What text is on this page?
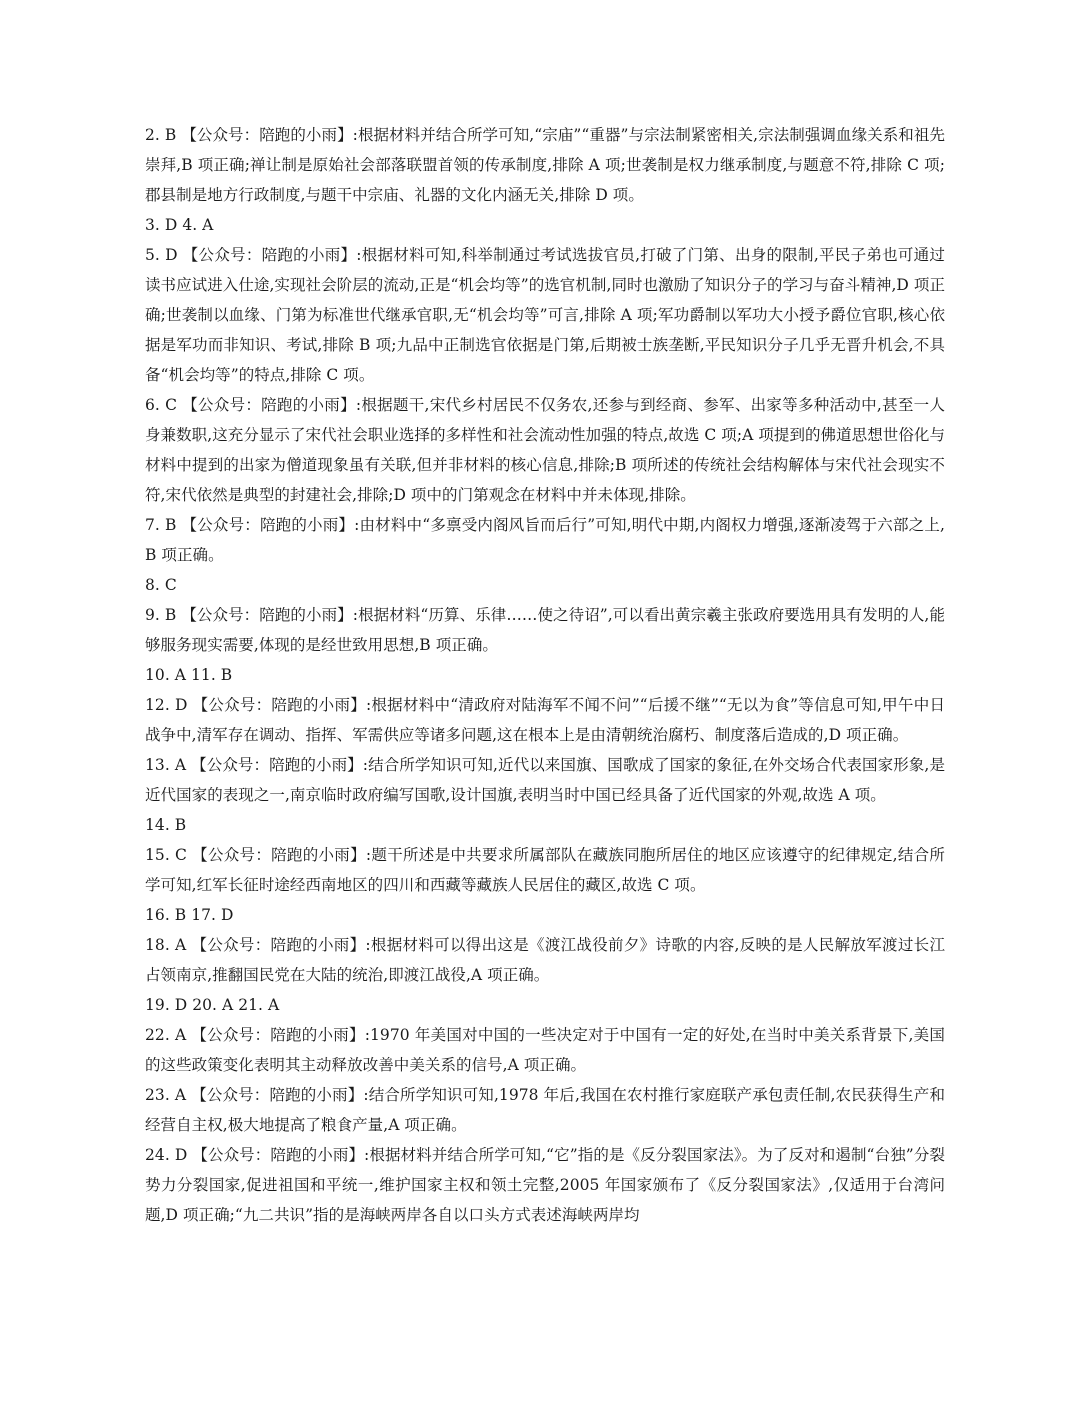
2. B 【公众号：陪跑的小雨】:根据材料并结合所学可知,“宗庙”“重器”与宗法制紧密相关,宗法制强调血缘关系和祖先崇拜,B 项正确;禅让制是原始社会部落联盟首领的传承制度,排除 A 项;世袭制是权力继承制度,与题意不符,排除 C 项;郡县制是地方行政制度,与题干中宗庙、礼器的文化内涵无关,排除 D 项。

3. D 4. A

5. D 【公众号：陪跑的小雨】:根据材料可知,科举制通过考试选拔官员,打破了门第、出身的限制,平民子弟也可通过读书应试进入仕途,实现社会阶层的流动,正是“机会均等”的选官机制,同时也激励了知识分子的学习与奋斗精神,D 项正确;世袭制以血缘、门第为标准世代继承官职,无“机会均等”可言,排除 A 项;军功爵制以军功大小授予爵位官职,核心依据是军功而非知识、考试,排除 B 项;九品中正制选官依据是门第,后期被士族垄断,平民知识分子几乎无晋升机会,不具备“机会均等”的特点,排除 C 项。

6. C 【公众号：陪跑的小雨】:根据题干,宋代乡村居民不仅务农,还参与到经商、参军、出家等多种活动中,甚至一人身兼数职,这充分显示了宋代社会职业选择的多样性和社会流动性加强的特点,故选 C 项;A 项提到的佛道思想世俗化与材料中提到的出家为僧道现象虽有关联,但并非材料的核心信息,排除;B 项所述的传统社会结构解体与宋代社会现实不符,宋代依然是典型的封建社会,排除;D 项中的门第观念在材料中并未体现,排除。

7. B 【公众号：陪跑的小雨】:由材料中“多禀受内阁风旨而后行”可知,明代中期,内阁权力增强,逐渐凌驾于六部之上,B 项正确。

8. C

9. B 【公众号：陪跑的小雨】:根据材料“历算、乐律……使之待诏”,可以看出黄宗羲主张政府要选用具有发明的人,能够服务现实需要,体现的是经世致用思想,B 项正确。

10. A 11. B

12. D 【公众号：陪跑的小雨】:根据材料中“清政府对陆海军不闻不问”“后援不继”“无以为食”等信息可知,甲午中日战争中,清军存在调动、指挥、军需供应等诸多问题,这在根本上是由清朝统治腐朽、制度落后造成的,D 项正确。

13. A 【公众号：陪跑的小雨】:结合所学知识可知,近代以来国旗、国歌成了国家的象征,在外交场合代表国家形象,是近代国家的表现之一,南京临时政府编写国歌,设计国旗,表明当时中国已经具备了近代国家的外观,故选 A 项。

14. B

15. C 【公众号：陪跑的小雨】:题干所述是中共要求所属部队在藏族同胞所居住的地区应该遵守的纪律规定,结合所学可知,红军长征时途经西南地区的四川和西藏等藏族人民居住的藏区,故选 C 项。

16. B 17. D

18. A 【公众号：陪跑的小雨】:根据材料可以得出这是《渡江战役前夕》诗歌的内容,反映的是人民解放军渡过长江占领南京,推翻国民党在大陆的统治,即渡江战役,A 项正确。

19. D 20. A 21. A

22. A 【公众号：陪跑的小雨】:1970 年美国对中国的一些决定对于中国有一定的好处,在当时中美关系背景下,美国的这些政策变化表明其主动释放改善中美关系的信号,A 项正确。

23. A 【公众号：陪跑的小雨】:结合所学知识可知,1978 年后,我国在农村推行家庭联产承包责任制,农民获得生产和经营自主权,极大地提高了粮食产量,A 项正确。

24. D 【公众号：陪跑的小雨】:根据材料并结合所学可知,“它”指的是《反分裂国家法》。为了反对和遏制“台独”分裂势力分裂国家,促进祖国和平统一,维护国家主权和领土完整,2005 年国家颁布了《反分裂国家法》,仅适用于台湾问题,D 项正确;“九二共识”指的是海峡两岸各自以口头方式表述海峡两岸均
